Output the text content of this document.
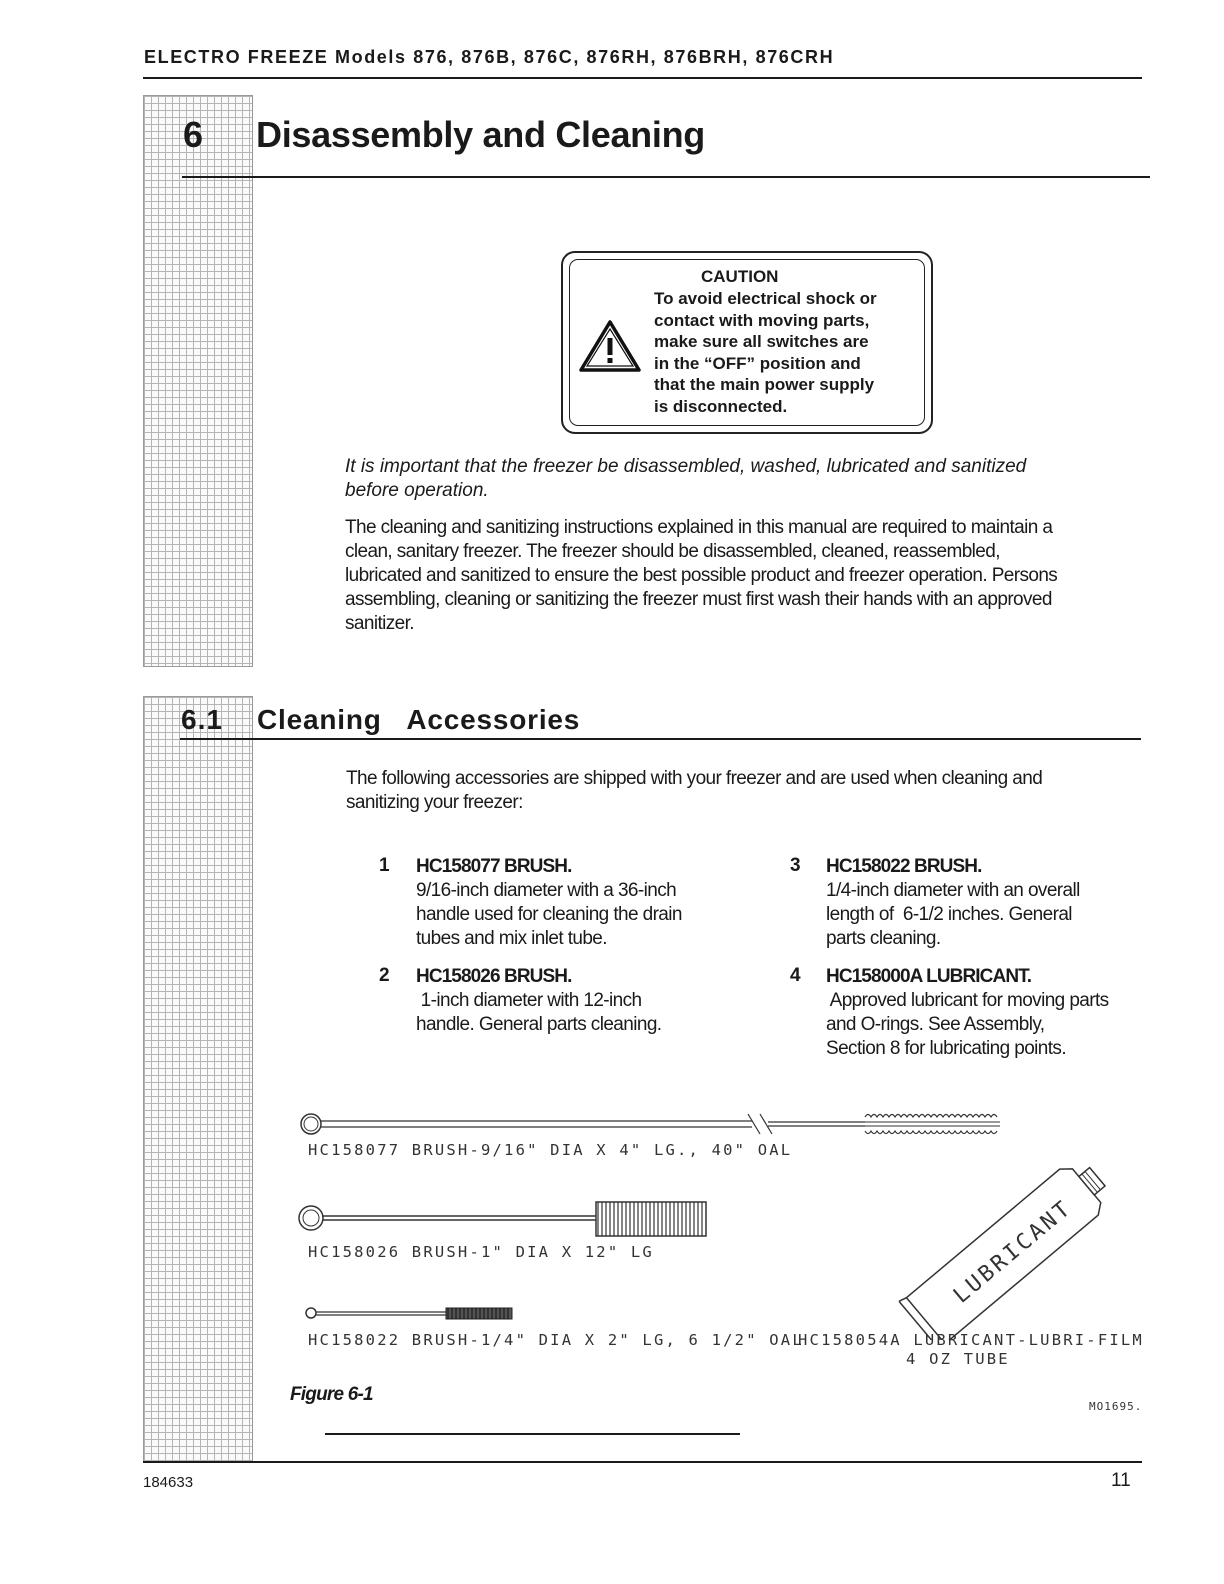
ELECTRO FREEZE Models 876, 876B, 876C, 876RH, 876BRH, 876CRH
6 Disassembly and Cleaning
CAUTION
To avoid electrical shock or
contact with moving parts,
make sure all switches are
in the “OFF” position and
that the main power supply
is disconnected.
It is important that the freezer be disassembled, washed, lubricated and sanitized
before operation.
The cleaning and sanitizing instructions explained in this manual are required to maintain a
clean, sanitary freezer. The freezer should be disassembled, cleaned, reassembled,
lubricated and sanitized to ensure the best possible product and freezer operation. Persons
assembling, cleaning or sanitizing the freezer must first wash their hands with an approved
sanitizer.
6.1 Cleaning   Accessories
The following accessories are shipped with your freezer and are used when cleaning and
sanitizing your freezer:
1 HC158077 BRUSH.
9/16-inch diameter with a 36-inch
handle used for cleaning the drain
tubes and mix inlet tube.
2 HC158026 BRUSH.
1-inch diameter with 12-inch
handle. General parts cleaning.
3 HC158022 BRUSH.
1/4-inch diameter with an overall
length of  6-1/2 inches. General
parts cleaning.
4 HC158000A LUBRICANT.
Approved lubricant for moving parts
and O-rings. See Assembly,
Section 8 for lubricating points.
LUBRICANT
HC158077 BRUSH-9/16" DIA X 4" LG., 40" OAL
HC158026 BRUSH-1" DIA X 12" LG
HC158022 BRUSH-1/4" DIA X 2" LG, 6 1/2" OAL
HC158054A LUBRICANT-LUBRI-FILM
4 OZ TUBE
Figure 6-1
MO1695.
184633	11
